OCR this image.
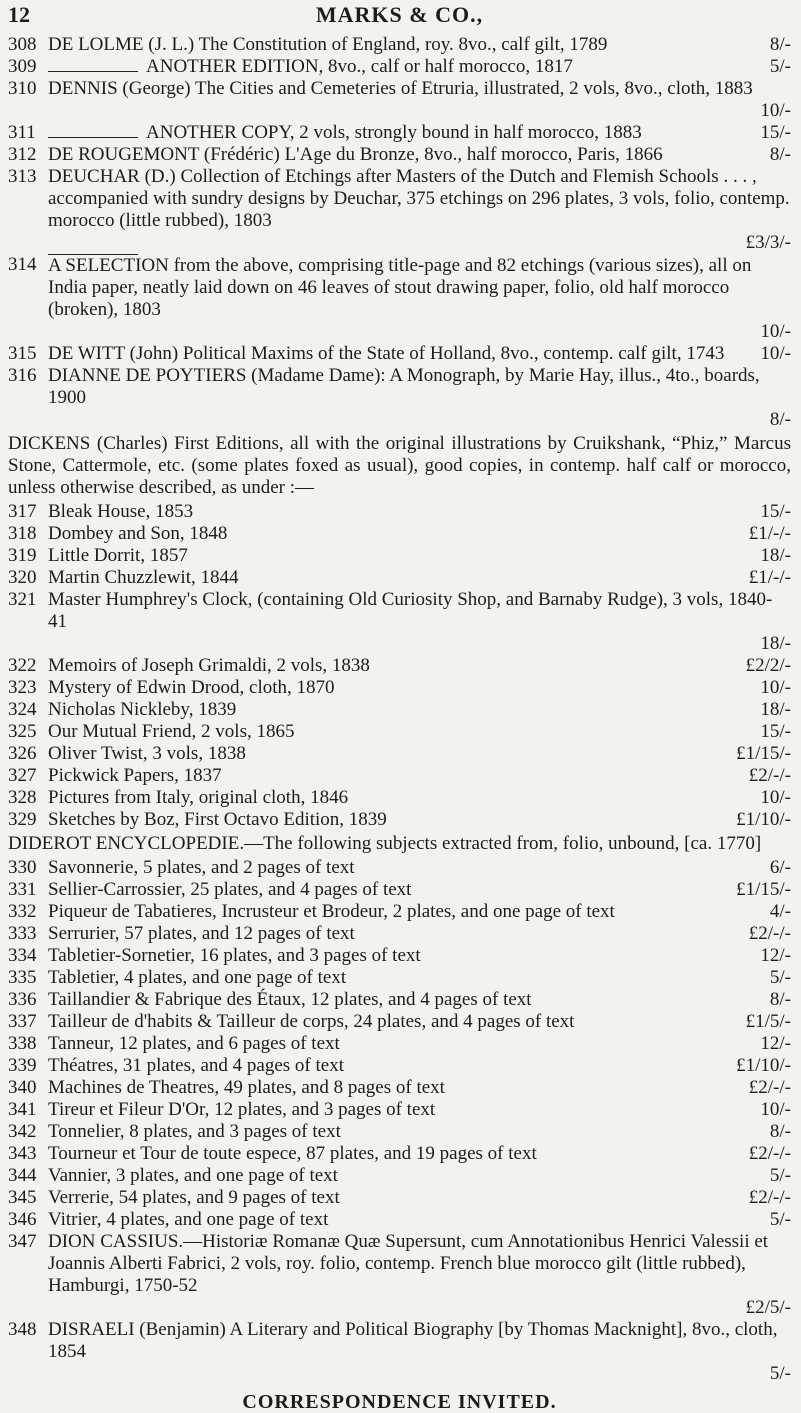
12	MARKS & CO.,
308 DE LOLME (J. L.) The Constitution of England, roy. 8vo., calf gilt, 1789	8/-
309	ANOTHER EDITION, 8vo., calf or half morocco, 1817	5/-
310 DENNIS (George) The Cities and Cemeteries of Etruria, illustrated, 2 vols, 8vo., cloth, 1883
10/-
311	ANOTHER COPY, 2 vols, strongly bound in half morocco, 1883	15/-
312 DE ROUGEMONT (Frédéric) L'Age du Bronze, 8vo., half morocco, Paris, 1866	8/-
313 DEUCHAR (D.) Collection of Etchings after Masters of the Dutch and Flemish Schools . . . , accompanied with sundry designs by Deuchar, 375 etchings on 296 plates, 3 vols, folio, contemp. morocco (little rubbed), 1803
£3/3/-
314 A SELECTION from the above, comprising title-page and 82 etchings (various sizes), all on India paper, neatly laid down on 46 leaves of stout drawing paper, folio, old half morocco (broken), 1803
10/-
315 DE WITT (John) Political Maxims of the State of Holland, 8vo., contemp. calf gilt, 1743	10/-
316 DIANNE DE POYTIERS (Madame Dame): A Monograph, by Marie Hay, illus., 4to., boards, 1900
8/-
DICKENS (Charles) First Editions, all with the original illustrations by Cruikshank, “Phiz,” Marcus Stone, Cattermole, etc. (some plates foxed as usual), good copies, in contemp. half calf or morocco, unless otherwise described, as under :—
317 Bleak House, 1853	15/-
318 Dombey and Son, 1848	£1/-/-
319 Little Dorrit, 1857	18/-
320 Martin Chuzzlewit, 1844	£1/-/-
321 Master Humphrey's Clock, (containing Old Curiosity Shop, and Barnaby Rudge), 3 vols, 1840-41
18/-
322 Memoirs of Joseph Grimaldi, 2 vols, 1838	£2/2/-
323 Mystery of Edwin Drood, cloth, 1870	10/-
324 Nicholas Nickleby, 1839	18/-
325 Our Mutual Friend, 2 vols, 1865	15/-
326 Oliver Twist, 3 vols, 1838	£1/15/-
327 Pickwick Papers, 1837	£2/-/-
328 Pictures from Italy, original cloth, 1846	10/-
329 Sketches by Boz, First Octavo Edition, 1839	£1/10/-
DIDEROT ENCYCLOPEDIE.—The following subjects extracted from, folio, unbound, [ca. 1770]
330 Savonnerie, 5 plates, and 2 pages of text	6/-
331 Sellier-Carrossier, 25 plates, and 4 pages of text	£1/15/-
332 Piqueur de Tabatieres, Incrusteur et Brodeur, 2 plates, and one page of text	4/-
333 Serrurier, 57 plates, and 12 pages of text	£2/-/-
334 Tabletier-Sornetier, 16 plates, and 3 pages of text	12/-
335 Tabletier, 4 plates, and one page of text	5/-
336 Taillandier & Fabrique des Étaux, 12 plates, and 4 pages of text	8/-
337 Tailleur de d'habits & Tailleur de corps, 24 plates, and 4 pages of text	£1/5/-
338 Tanneur, 12 plates, and 6 pages of text	12/-
339 Théatres, 31 plates, and 4 pages of text	£1/10/-
340 Machines de Theatres, 49 plates, and 8 pages of text	£2/-/-
341 Tireur et Fileur D'Or, 12 plates, and 3 pages of text	10/-
342 Tonnelier, 8 plates, and 3 pages of text	8/-
343 Tourneur et Tour de toute espece, 87 plates, and 19 pages of text	£2/-/-
344 Vannier, 3 plates, and one page of text	5/-
345 Verrerie, 54 plates, and 9 pages of text	£2/-/-
346 Vitrier, 4 plates, and one page of text	5/-
347 DION CASSIUS.—Historiæ Romanæ Quæ Supersunt, cum Annotationibus Henrici Valessii et Joannis Alberti Fabrici, 2 vols, roy. folio, contemp. French blue morocco gilt (little rubbed), Hamburgi, 1750-52
£2/5/-
348 DISRAELI (Benjamin) A Literary and Political Biography [by Thomas Macknight], 8vo., cloth, 1854
5/-
CORRESPONDENCE INVITED.
